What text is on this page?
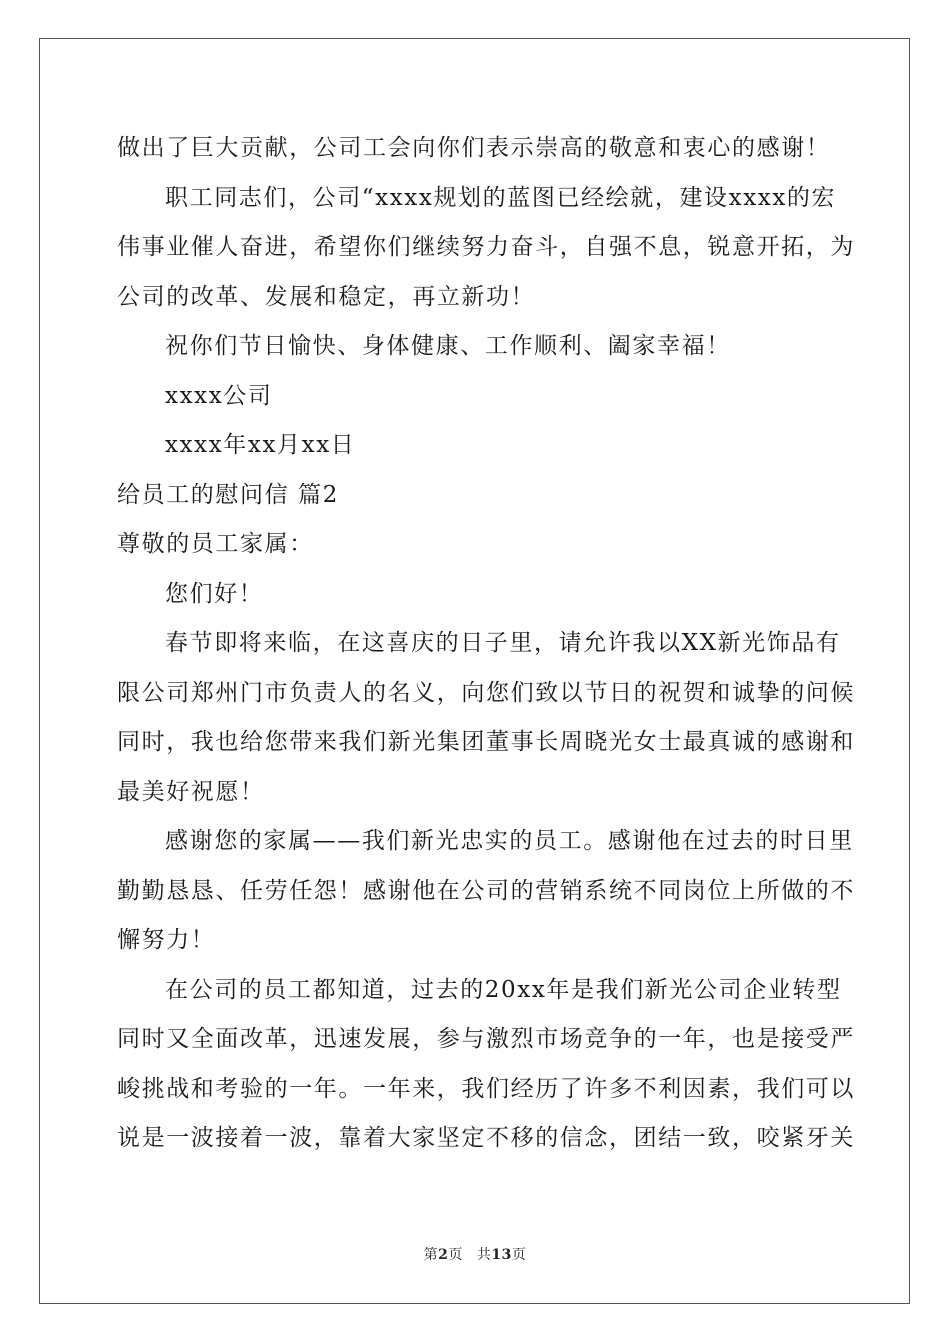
做出了巨大贡献，公司工会向你们表示崇高的敬意和衷心的感谢！
职工同志们，公司“xxxx规划的蓝图已经绘就，建设xxxx的宏
伟事业催人奋进，希望你们继续努力奋斗，自强不息，锐意开拓，为
公司的改革、发展和稳定，再立新功！
祝你们节日愉快、身体健康、工作顺利、阖家幸福！
xxxx公司
xxxx年xx月xx日
给员工的慰问信 篇2
尊敬的员工家属：
您们好！
春节即将来临，在这喜庆的日子里，请允许我以XX新光饰品有
限公司郑州门市负责人的名义，向您们致以节日的祝贺和诚挚的问候
同时，我也给您带来我们新光集团董事长周晓光女士最真诚的感谢和
最美好祝愿！
感谢您的家属——我们新光忠实的员工。感谢他在过去的时日里
勤勤恳恳、任劳任怨！感谢他在公司的营销系统不同岗位上所做的不
懈努力！
在公司的员工都知道，过去的20xx年是我们新光公司企业转型
同时又全面改革，迅速发展，参与激烈市场竞争的一年，也是接受严
峻挑战和考验的一年。一年来，我们经历了许多不利因素，我们可以
说是一波接着一波，靠着大家坚定不移的信念，团结一致，咬紧牙关
第2页 共13页
